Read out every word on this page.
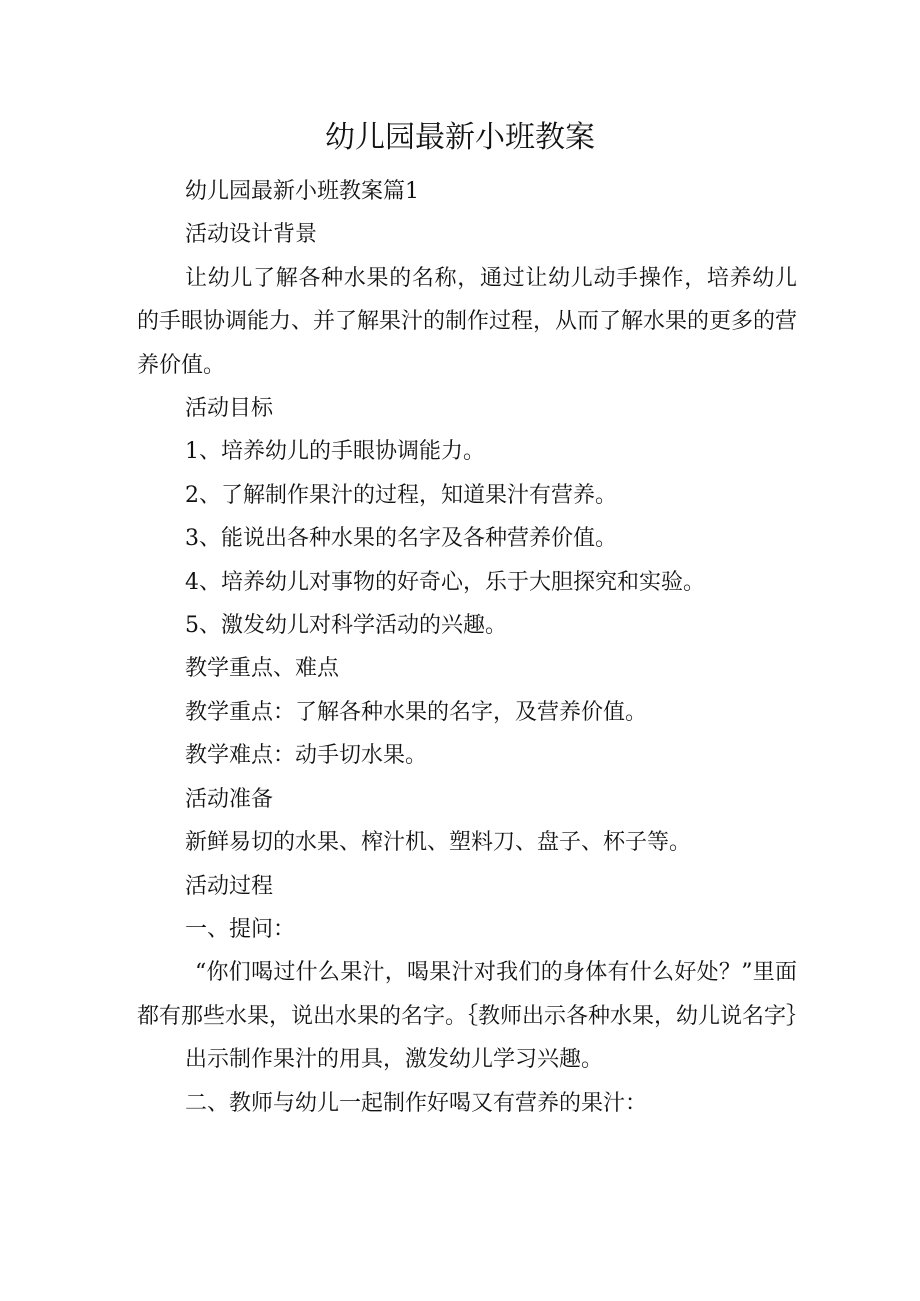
幼儿园最新小班教案

幼儿园最新小班教案篇1

活动设计背景

让幼儿了解各种水果的名称，通过让幼儿动手操作，培养幼儿的手眼协调能力、并了解果汁的制作过程，从而了解水果的更多的营养价值。

活动目标

1、培养幼儿的手眼协调能力。

2、了解制作果汁的过程，知道果汁有营养。

3、能说出各种水果的名字及各种营养价值。

4、培养幼儿对事物的好奇心，乐于大胆探究和实验。

5、激发幼儿对科学活动的兴趣。

教学重点、难点

教学重点：了解各种水果的名字，及营养价值。

教学难点：动手切水果。

活动准备

新鲜易切的水果、榨汁机、塑料刀、盘子、杯子等。

活动过程

一、提问：

“你们喝过什么果汁，喝果汁对我们的身体有什么好处？”里面都有那些水果，说出水果的名字。｛教师出示各种水果，幼儿说名字｝

出示制作果汁的用具，激发幼儿学习兴趣。

二、教师与幼儿一起制作好喝又有营养的果汁：
